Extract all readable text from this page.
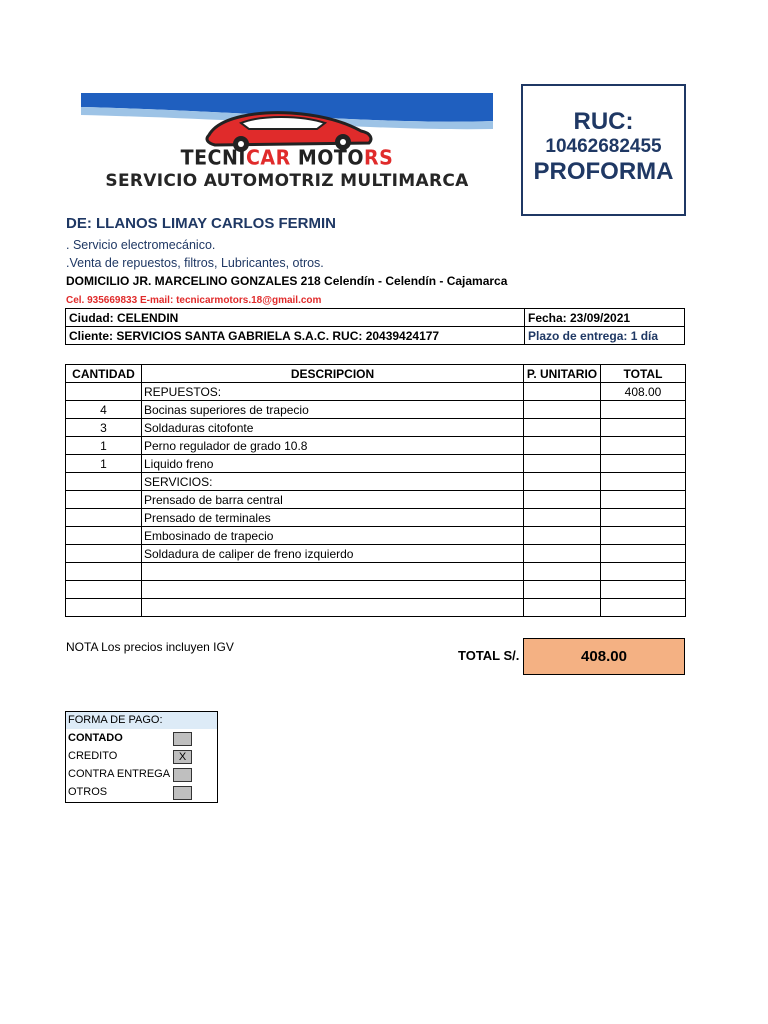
TECNICAR MOTORS
SERVICIO AUTOMOTRIZ MULTIMARCA
RUC:
10462682455
PROFORMA
DE: LLANOS LIMAY CARLOS FERMIN
. Servicio electromecánico.
.Venta de repuestos, filtros, Lubricantes, otros.
DOMICILIO JR. MARCELINO GONZALES 218 Celendín - Celendín - Cajamarca
Cel. 935669833 E-mail: tecnicarmotors.18@gmail.com
Ciudad: CELENDIN	Fecha: 23/09/2021
Cliente: SERVICIOS SANTA GABRIELA S.A.C. RUC: 20439424177	Plazo de entrega: 1 día
CANTIDAD	DESCRIPCION	P. UNITARIO	TOTAL
	REPUESTOS:		408.00
4	Bocinas superiores de trapecio		
3	Soldaduras citofonte		
1	Perno regulador de grado 10.8		
1	Liquido freno		
	SERVICIOS:		
	Prensado de barra central		
	Prensado de terminales		
	Embosinado de trapecio		
	Soldadura de caliper de freno izquierdo		

NOTA Los precios incluyen IGV
TOTAL S/.	408.00
FORMA DE PAGO:
CONTADO
CREDITO	X
CONTRA ENTREGA
OTROS
